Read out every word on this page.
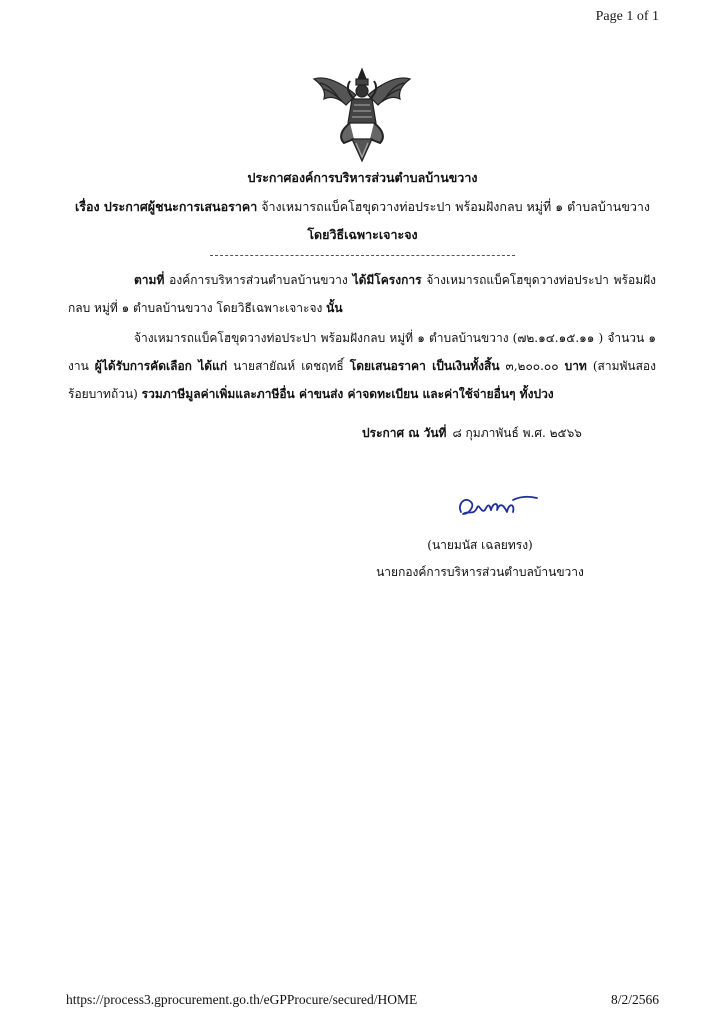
Page 1 of 1
ประกาศองค์การบริหารส่วนตำบลบ้านขวาง
เรื่อง ประกาศผู้ชนะการเสนอราคา จ้างเหมารถแบ็คโฮขุดวางท่อประปา พร้อมฝังกลบ หมู่ที่ ๑ ตำบลบ้านขวาง
โดยวิธีเฉพาะเจาะจง
ตามที่ องค์การบริหารส่วนตำบลบ้านขวาง ได้มีโครงการ จ้างเหมารถแบ็คโฮขุดวางท่อประปา พร้อมฝังกลบ หมู่ที่ ๑ ตำบลบ้านขวาง โดยวิธีเฉพาะเจาะจง นั้น
จ้างเหมารถแบ็คโฮขุดวางท่อประปา พร้อมฝังกลบ หมู่ที่ ๑ ตำบลบ้านขวาง (๗๒.๑๔.๑๕.๑๑ ) จำนวน ๑ งาน ผู้ได้รับการคัดเลือก ได้แก่ นายสายัณห์ เดชฤทธิ์ โดยเสนอราคา เป็นเงินทั้งสิ้น ๓,๒๐๐.๐๐ บาท (สามพันสองร้อยบาทถ้วน) รวมภาษีมูลค่าเพิ่มและภาษีอื่น ค่าขนส่ง ค่าจดทะเบียน และค่าใช้จ่ายอื่นๆ ทั้งปวง
ประกาศ ณ วันที่ ๘ กุมภาพันธ์ พ.ศ. ๒๕๖๖
(นายมนัส เฉลยทรง)
นายกองค์การบริหารส่วนตำบลบ้านขวาง
https://process3.gprocurement.go.th/eGPProcure/secured/HOME	8/2/2566
